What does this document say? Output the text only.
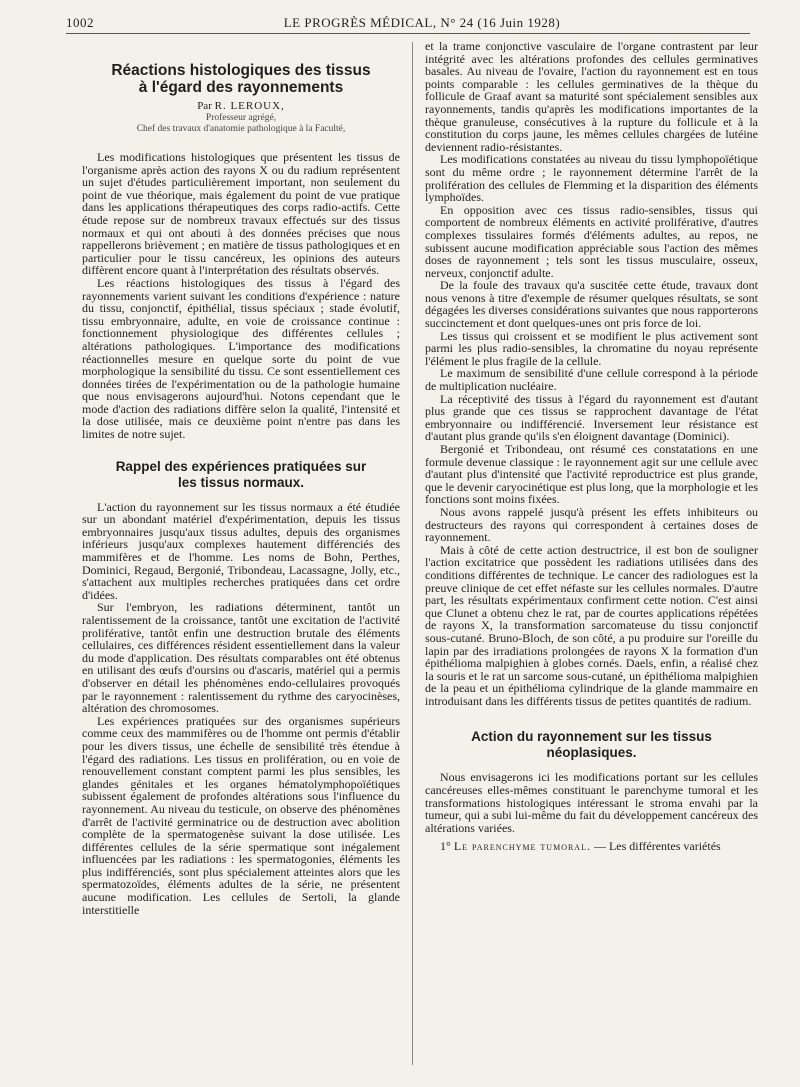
1002	LE PROGRÈS MÉDICAL, N° 24 (16 Juin 1928)
Réactions histologiques des tissus
à l'égard des rayonnements
Par R. LEROUX,
Professeur agrégé,
Chef des travaux d'anatomie pathologique à la Faculté,

Les modifications histologiques que présentent les tissus de l'organisme après action des rayons X ou du radium représentent un sujet d'études particulièrement important, non seulement du point de vue théorique, mais également du point de vue pratique dans les applications thérapeutiques des corps radio-actifs. Cette étude repose sur de nombreux travaux effectués sur des tissus normaux et qui ont abouti à des données précises que nous rappellerons brièvement ; en matière de tissus pathologiques et en particulier pour le tissu cancéreux, les opinions des auteurs diffèrent encore quant à l'interprétation des résultats observés.

Les réactions histologiques des tissus à l'égard des rayonnements varient suivant les conditions d'expérience : nature du tissu, conjonctif, épithélial, tissus spéciaux ; stade évolutif, tissu embryonnaire, adulte, en voie de croissance continue : fonctionnement physiologique des différentes cellules ; altérations pathologiques. L'importance des modifications réactionnelles mesure en quelque sorte du point de vue morphologique la sensibilité du tissu. Ce sont essentiellement ces données tirées de l'expérimentation ou de la pathologie humaine que nous envisagerons aujourd'hui. Notons cependant que le mode d'action des radiations diffère selon la qualité, l'intensité et la dose utilisée, mais ce deuxième point n'entre pas dans les limites de notre sujet.

Rappel des expériences pratiquées sur
les tissus normaux.

L'action du rayonnement sur les tissus normaux a été étudiée sur un abondant matériel d'expérimentation, depuis les tissus embryonnaires jusqu'aux tissus adultes, depuis des organismes inférieurs jusqu'aux complexes hautement différenciés des mammifères et de l'homme. Les noms de Bohn, Perthes, Dominici, Regaud, Bergonié, Tribondeau, Lacassagne, Jolly, etc., s'attachent aux multiples recherches pratiquées dans cet ordre d'idées.

Sur l'embryon, les radiations déterminent, tantôt un ralentissement de la croissance, tantôt une excitation de l'activité proliférative, tantôt enfin une destruction brutale des éléments cellulaires, ces différences résident essentiellement dans la valeur du mode d'application. Des résultats comparables ont été obtenus en utilisant des œufs d'oursins ou d'ascaris, matériel qui a permis d'observer en détail les phénomènes endo-cellulaires provoqués par le rayonnement : ralentissement du rythme des caryocinèses, altération des chromosomes.

Les expériences pratiquées sur des organismes supérieurs comme ceux des mammifères ou de l'homme ont permis d'établir pour les divers tissus, une échelle de sensibilité très étendue à l'égard des radiations. Les tissus en prolifération, ou en voie de renouvellement constant comptent parmi les plus sensibles, les glandes génitales et les organes hématolymphopoïétiques subissent également de profondes altérations sous l'influence du rayonnement. Au niveau du testicule, on observe des phénomènes d'arrêt de l'activité germinatrice ou de destruction avec abolition complète de la spermatogenèse suivant la dose utilisée. Les différentes cellules de la série spermatique sont inégalement influencées par les radiations : les spermatogonies, éléments les plus indifférenciés, sont plus spécialement atteintes alors que les spermatozoïdes, éléments adultes de la série, ne présentent aucune modification. Les cellules de Sertoli, la glande interstitielle

et la trame conjonctive vasculaire de l'organe contrastent par leur intégrité avec les altérations profondes des cellules germinatives basales. Au niveau de l'ovaire, l'action du rayonnement est en tous points comparable : les cellules germinatives de la thèque du follicule de Graaf avant sa maturité sont spécialement sensibles aux rayonnements, tandis qu'après les modifications importantes de la thèque granuleuse, consécutives à la rupture du follicule et à la constitution du corps jaune, les mêmes cellules chargées de lutéine deviennent radio-résistantes.

Les modifications constatées au niveau du tissu lymphopoïétique sont du même ordre ; le rayonnement détermine l'arrêt de la prolifération des cellules de Flemming et la disparition des éléments lymphoïdes.

En opposition avec ces tissus radio-sensibles, tissus qui comportent de nombreux éléments en activité proliférative, d'autres complexes tissulaires formés d'éléments adultes, au repos, ne subissent aucune modification appréciable sous l'action des mêmes doses de rayonnement ; tels sont les tissus musculaire, osseux, nerveux, conjonctif adulte.

De la foule des travaux qu'a suscitée cette étude, travaux dont nous venons à titre d'exemple de résumer quelques résultats, se sont dégagées les diverses considérations suivantes que nous rapporterons succinctement et dont quelques-unes ont pris force de loi.

Les tissus qui croissent et se modifient le plus activement sont parmi les plus radio-sensibles, la chromatine du noyau représente l'élément le plus fragile de la cellule.

Le maximum de sensibilité d'une cellule correspond à la période de multiplication nucléaire.

La réceptivité des tissus à l'égard du rayonnement est d'autant plus grande que ces tissus se rapprochent davantage de l'état embryonnaire ou indifférencié. Inversement leur résistance est d'autant plus grande qu'ils s'en éloignent davantage (Dominici).

Bergonié et Tribondeau, ont résumé ces constatations en une formule devenue classique : le rayonnement agit sur une cellule avec d'autant plus d'intensité que l'activité reproductrice est plus grande, que le devenir caryocinétique est plus long, que la morphologie et les fonctions sont moins fixées.

Nous avons rappelé jusqu'à présent les effets inhibiteurs ou destructeurs des rayons qui correspondent à certaines doses de rayonnement.

Mais à côté de cette action destructrice, il est bon de souligner l'action excitatrice que possèdent les radiations utilisées dans des conditions différentes de technique. Le cancer des radiologues est la preuve clinique de cet effet néfaste sur les cellules normales. D'autre part, les résultats expérimentaux confirment cette notion. C'est ainsi que Clunet a obtenu chez le rat, par de courtes applications répétées de rayons X, la transformation sarcomateuse du tissu conjonctif sous-cutané. Bruno-Bloch, de son côté, a pu produire sur l'oreille du lapin par des irradiations prolongées de rayons X la formation d'un épithélioma malpighien à globes cornés. Daels, enfin, a réalisé chez la souris et le rat un sarcome sous-cutané, un épithélioma malpighien de la peau et un épithélioma cylindrique de la glande mammaire en introduisant dans les différents tissus de petites quantités de radium.

Action du rayonnement sur les tissus
néoplasiques.

Nous envisagerons ici les modifications portant sur les cellules cancéreuses elles-mêmes constituant le parenchyme tumoral et les transformations histologiques intéressant le stroma envahi par la tumeur, qui a subi lui-même du fait du développement cancéreux des altérations variées.

1° Le parenchyme tumoral. — Les différentes variétés
